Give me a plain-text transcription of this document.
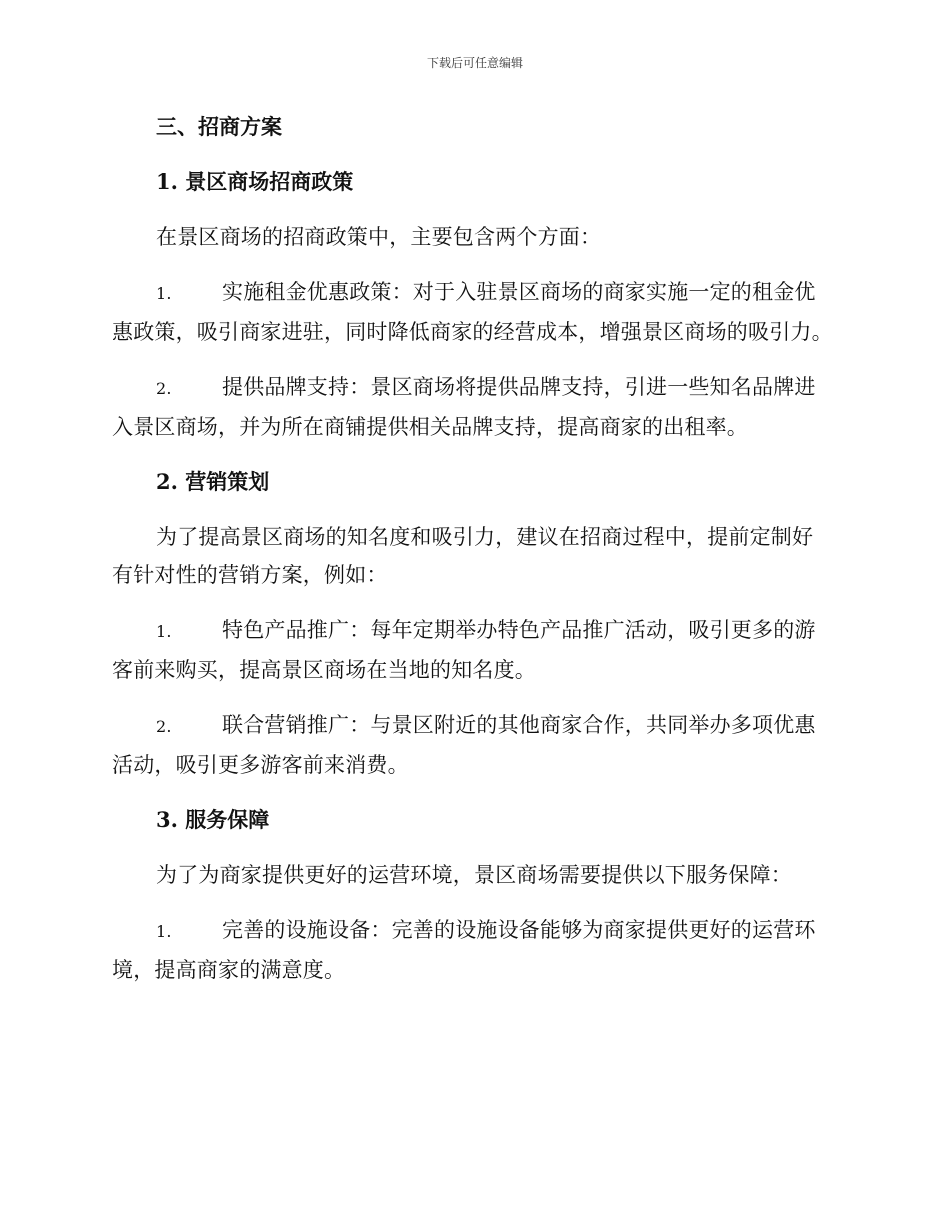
下载后可任意编辑

三、招商方案

1. 景区商场招商政策

在景区商场的招商政策中，主要包含两个方面：

1. 实施租金优惠政策：对于入驻景区商场的商家实施一定的租金优惠政策，吸引商家进驻，同时降低商家的经营成本，增强景区商场的吸引力。

2. 提供品牌支持：景区商场将提供品牌支持，引进一些知名品牌进入景区商场，并为所在商铺提供相关品牌支持，提高商家的出租率。

2. 营销策划

为了提高景区商场的知名度和吸引力，建议在招商过程中，提前定制好有针对性的营销方案，例如：

1. 特色产品推广：每年定期举办特色产品推广活动，吸引更多的游客前来购买，提高景区商场在当地的知名度。

2. 联合营销推广：与景区附近的其他商家合作，共同举办多项优惠活动，吸引更多游客前来消费。

3. 服务保障

为了为商家提供更好的运营环境，景区商场需要提供以下服务保障：

1. 完善的设施设备：完善的设施设备能够为商家提供更好的运营环境，提高商家的满意度。
